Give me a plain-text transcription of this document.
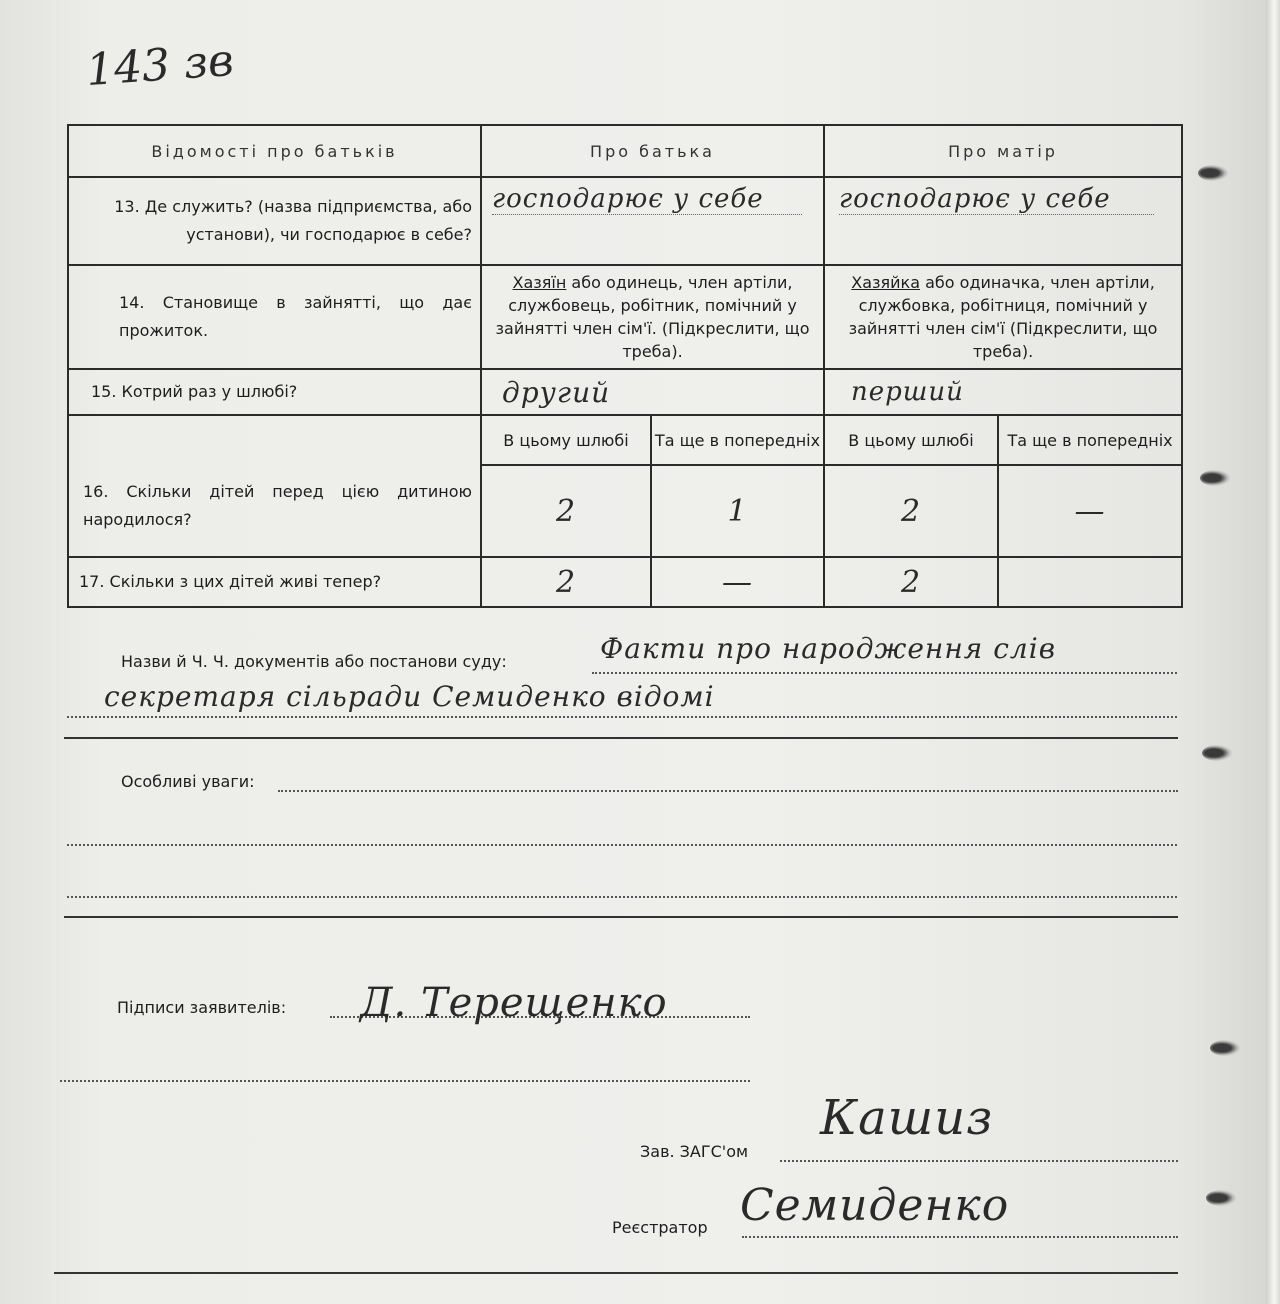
143 зв
Відомості про батьків	Про батька		Про матір	
13. Де служить? (назва підприємства, або установи), чи господарює в себе?	господарює у себе		господарює у себе	

14. Становище в зайнятті, що дає прожиток.	Хазяїн або одинець, член артіли, службовець, робітник, помічний у зайнятті член сім'ї. (Підкреслити, що треба).		Хазяйка або одиначка, член артіли, службовка, робітниця, помічний у зайнятті член сім'ї (Підкреслити, що треба).	
15. Котрий раз у шлюбі?	другий		перший	

16. Скільки дітей перед цією дитиною народилося?	В цьому шлюбі	Та ще в попередніх	В цьому шлюбі	Та ще в попередніх
	2	1	2	—
17. Скільки з цих дітей живі тепер?	2	—	2	
Назви й Ч. Ч. документів або постанови суду:	Факти про народження слів
секретаря сільради Семиденко відомі
Особливі уваги:
Підписи заявителів: Д. Терещенко
Зав. ЗАГС'ом
Кашиз
Реєстратор Семиденко
